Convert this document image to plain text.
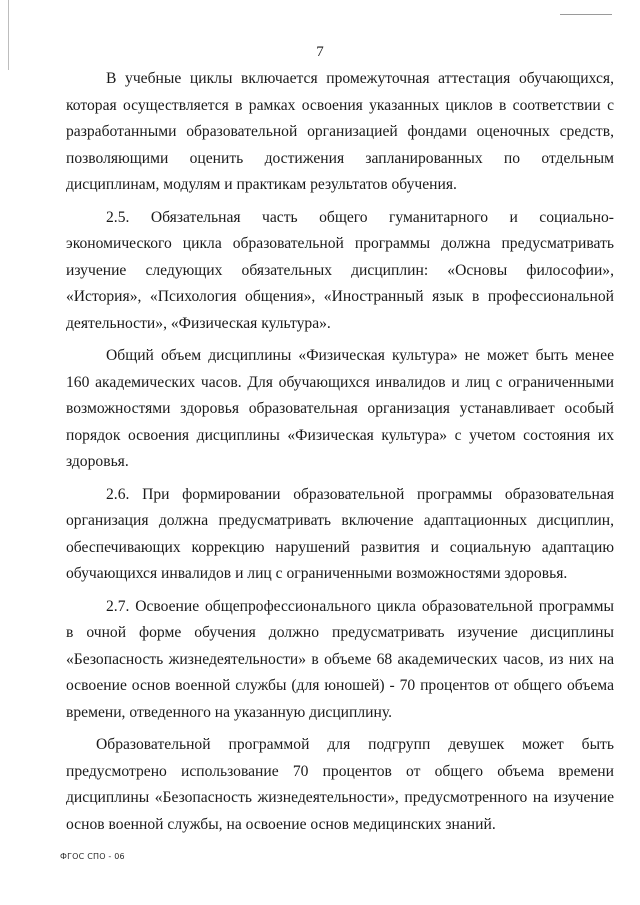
7

В учебные циклы включается промежуточная аттестация обучающихся, которая осуществляется в рамках освоения указанных циклов в соответствии с разработанными образовательной организацией фондами оценочных средств, позволяющими оценить достижения запланированных по отдельным дисциплинам, модулям и практикам результатов обучения.

2.5. Обязательная часть общего гуманитарного и социально-экономического цикла образовательной программы должна предусматривать изучение следующих обязательных дисциплин: «Основы философии», «История», «Психология общения», «Иностранный язык в профессиональной деятельности», «Физическая культура».

Общий объем дисциплины «Физическая культура» не может быть менее 160 академических часов. Для обучающихся инвалидов и лиц с ограниченными возможностями здоровья образовательная организация устанавливает особый порядок освоения дисциплины «Физическая культура» с учетом состояния их здоровья.

2.6. При формировании образовательной программы образовательная организация должна предусматривать включение адаптационных дисциплин, обеспечивающих коррекцию нарушений развития и социальную адаптацию обучающихся инвалидов и лиц с ограниченными возможностями здоровья.

2.7. Освоение общепрофессионального цикла образовательной программы в очной форме обучения должно предусматривать изучение дисциплины «Безопасность жизнедеятельности» в объеме 68 академических часов, из них на освоение основ военной службы (для юношей) - 70 процентов от общего объема времени, отведенного на указанную дисциплину.

Образовательной программой для подгрупп девушек может быть предусмотрено использование 70 процентов от общего объема времени дисциплины «Безопасность жизнедеятельности», предусмотренного на изучение основ военной службы, на освоение основ медицинских знаний.

ФГОС СПО - 06
